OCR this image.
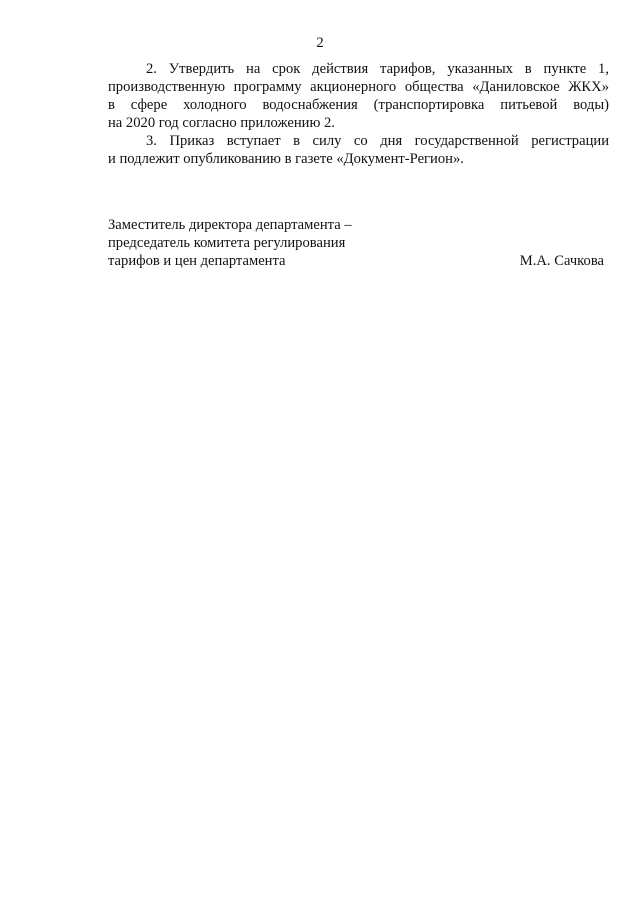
2
2. Утвердить на срок действия тарифов, указанных в пункте 1,
производственную программу акционерного общества «Даниловское ЖКХ»
в сфере холодного водоснабжения (транспортировка питьевой воды)
на 2020 год согласно приложению 2.
3. Приказ вступает в силу со дня государственной регистрации
и подлежит опубликованию в газете «Документ-Регион».
Заместитель директора департамента –
председатель комитета регулирования
тарифов и цен департамента	М.А. Сачкова
